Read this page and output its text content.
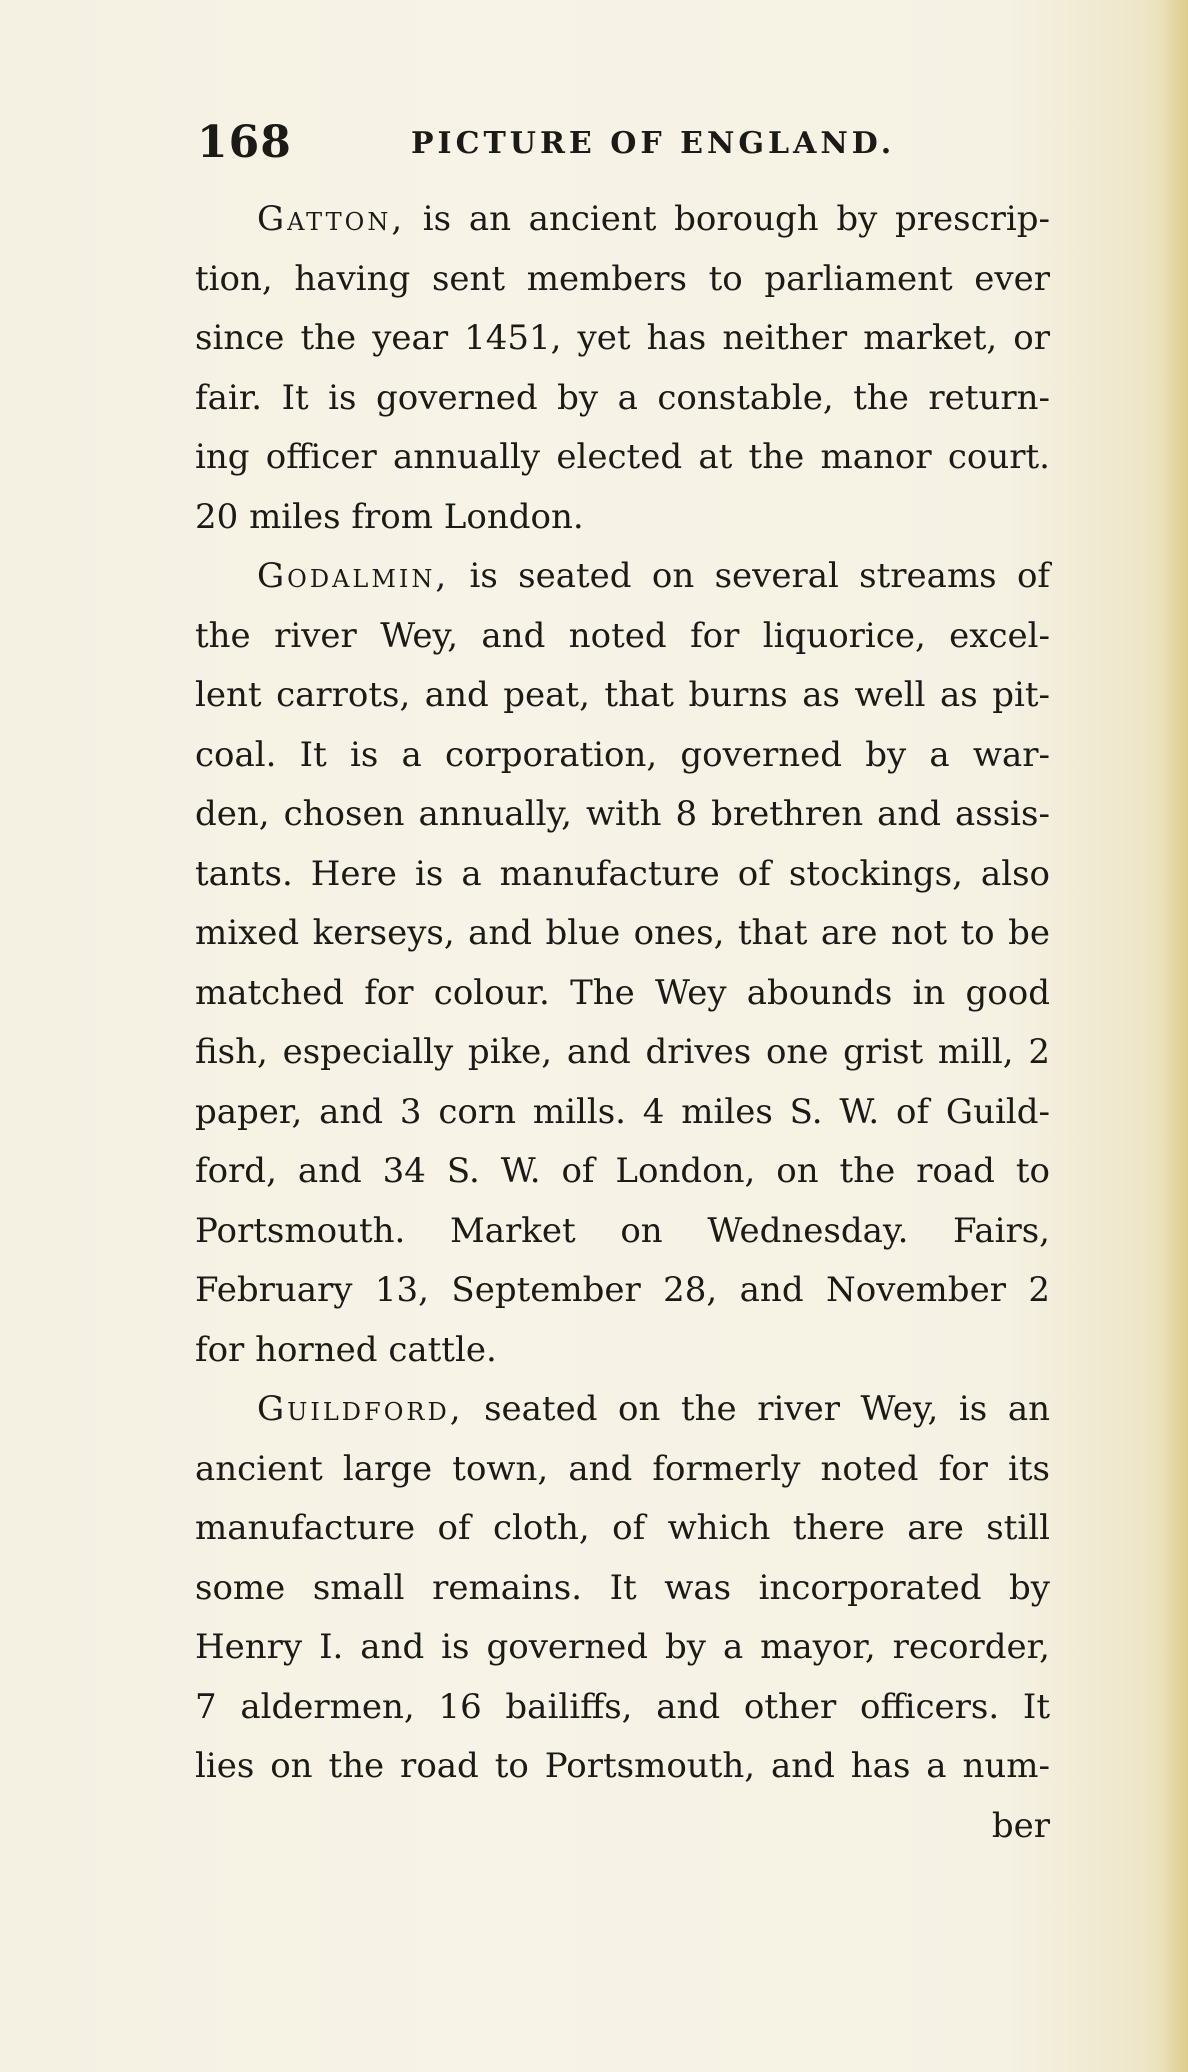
168	PICTURE OF ENGLAND.
Gatton, is an ancient borough by prescrip-
tion, having sent members to parliament ever
since the year 1451, yet has neither market, or
fair. It is governed by a constable, the return-
ing officer annually elected at the manor court.
20 miles from London.
Godalmin, is seated on several streams of
the river Wey, and noted for liquorice, excel-
lent carrots, and peat, that burns as well as pit-
coal. It is a corporation, governed by a war-
den, chosen annually, with 8 brethren and assis-
tants. Here is a manufacture of stockings, also
mixed kerseys, and blue ones, that are not to be
matched for colour. The Wey abounds in good
fish, especially pike, and drives one grist mill, 2
paper, and 3 corn mills. 4 miles S. W. of Guild-
ford, and 34 S. W. of London, on the road to
Portsmouth. Market on Wednesday. Fairs,
February 13, September 28, and November 2
for horned cattle.
Guildford, seated on the river Wey, is an
ancient large town, and formerly noted for its
manufacture of cloth, of which there are still
some small remains. It was incorporated by
Henry I. and is governed by a mayor, recorder,
7 aldermen, 16 bailiffs, and other officers. It
lies on the road to Portsmouth, and has a num-
ber
